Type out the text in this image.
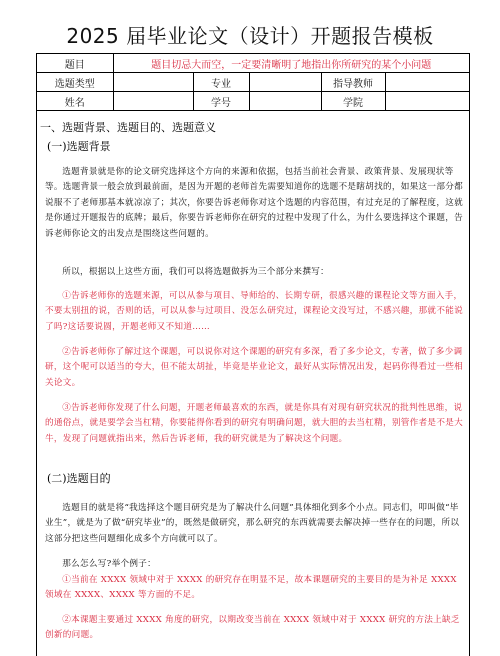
2025 届毕业论文（设计）开题报告模板
题目	题目切忌大而空，一定要清晰明了地指出你所研究的某个小问题				
选题类型		专业		指导教师	
姓名		学号		学院	
一、选题背景、选题目的、选题意义
(一)选题背景
选题背景就是你的论文研究选择这个方向的来源和依据，包括当前社会背景、政策背景、发展现状等等。选题背景一般会放到最前面，是因为开题的老师首先需要知道你的选题不是瞎胡找的，如果这一部分都说服不了老师那基本就凉凉了；其次，你要告诉老师你对这个选题的内容范围，有过充足的了解程度，这就是你通过开题报告的底牌；最后，你要告诉老师你在研究的过程中发现了什么，为什么要选择这个课题，告诉老师你论文的出发点是围绕这些问题的。
所以，根据以上这些方面，我们可以将选题做拆为三个部分来撰写：
①告诉老师你的选题来源，可以从参与项目、导师给的、长期专研，很感兴趣的课程论文等方面入手，不要太别扭的说，否则的话，可以从参与过项目、没怎么研究过，课程论文没写过，不感兴趣，那就不能说了吗?这话要说圆，开题老师又不知道……
②告诉老师你了解过这个课题，可以说你对这个课题的研究有多深，看了多少论文，专著，做了多少调研，这个呢可以适当的夸大，但不能太胡扯，毕竟是毕业论文，最好从实际情况出发，起码你得看过一些相关论文。
③告诉老师你发现了什么问题，开题老师最喜欢的东西，就是你具有对现有研究状况的批判性思维，说的通俗点，就是要学会当杠精，你要能得你看到的研究有明确问题，就大胆的去当杠精，别管作者是不是大牛，发现了问题就指出来，然后告诉老师，我的研究就是为了解决这个问题。
(二)选题目的
选题目的就是将“我选择这个题目研究是为了解决什么问题”具体细化到多个小点。同志们，叩叫做“毕业生”，就是为了做“研究毕业”的，既然是做研究，那么研究的东西就需要去解决掉一些存在的问题，所以这部分把这些问题细化成多个方向就可以了。
那么怎么写?举个例子：
①当前在 XXXX 领域中对于 XXXX 的研究存在明显不足，故本课题研究的主要目的是为补足 XXXX 领域在 XXXX、XXXX 等方面的不足。
②本课题主要通过 XXXX 角度的研究，以期改变当前在 XXXX 领域中对于 XXXX 研究的方法上缺乏创新的问题。
